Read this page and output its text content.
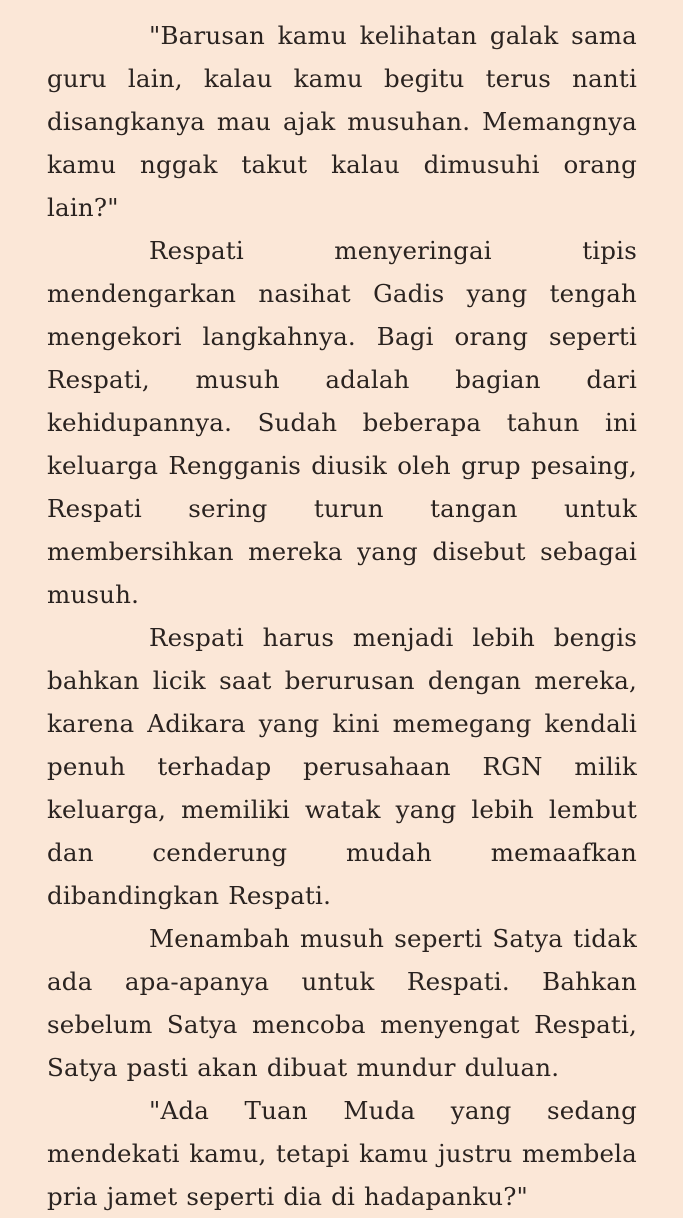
"Barusan kamu kelihatan galak sama guru lain, kalau kamu begitu terus nanti disangkanya mau ajak musuhan. Memangnya kamu nggak takut kalau dimusuhi orang lain?"

Respati menyeringai tipis mendengarkan nasihat Gadis yang tengah mengekori langkahnya. Bagi orang seperti Respati, musuh adalah bagian dari kehidupannya. Sudah beberapa tahun ini keluarga Rengganis diusik oleh grup pesaing, Respati sering turun tangan untuk membersihkan mereka yang disebut sebagai musuh.

Respati harus menjadi lebih bengis bahkan licik saat berurusan dengan mereka, karena Adikara yang kini memegang kendali penuh terhadap perusahaan RGN milik keluarga, memiliki watak yang lebih lembut dan cenderung mudah memaafkan dibandingkan Respati.

Menambah musuh seperti Satya tidak ada apa-apanya untuk Respati. Bahkan sebelum Satya mencoba menyengat Respati, Satya pasti akan dibuat mundur duluan.

"Ada Tuan Muda yang sedang mendekati kamu, tetapi kamu justru membela pria jamet seperti dia di hadapanku?"
